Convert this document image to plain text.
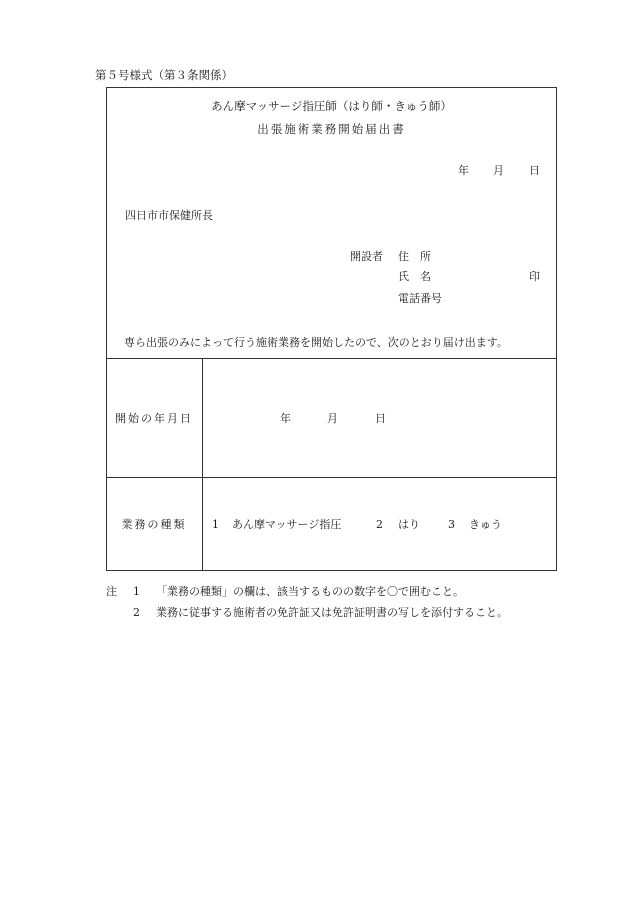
第５号様式（第３条関係）
あん摩マッサージ指圧師（はり師・きゅう師）
出張施術業務開始届出書
年 月 日
四日市市保健所長
開設者 住　所
氏　名	印
電話番号
専ら出張のみによって行う施術業務を開始したので、次のとおり届け出ます。
開始の年月日	年	月	日
業務の種類	1 あん摩マッサージ指圧	2 はり	3 きゅう
注 1 「業務の種類」の欄は、該当するものの数字を〇で囲むこと。
2 業務に従事する施術者の免許証又は免許証明書の写しを添付すること。
